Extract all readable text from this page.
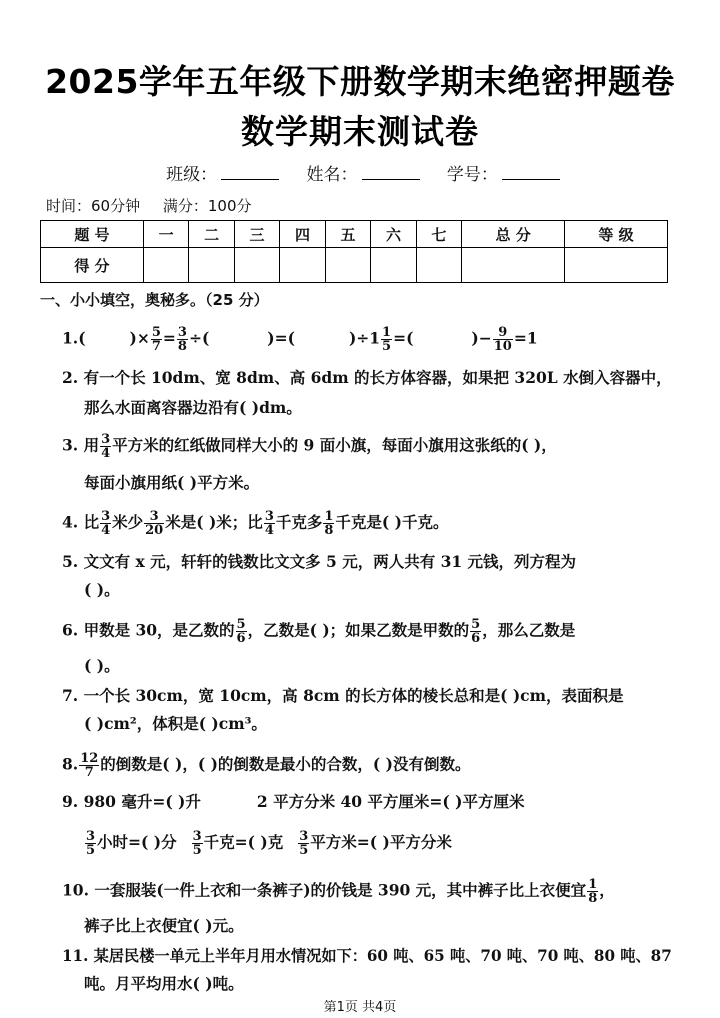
2025学年五年级下册数学期末绝密押题卷
数学期末测试卷
班级：	姓名：	学号：
时间：60分钟 满分：100分
题 号	一	二	三	四	五	六	七	总 分	等 级
得 分									
一、小小填空，奥秘多。（25 分）
1.(	)× $\frac{5}{7} = \frac{3}{8}$ ÷(	)=(	)$\div 1 \frac{1}{5}$ =(	)− $\frac{9}{10} =1$
2. 有一个长 10dm、宽 8dm、高 6dm 的长方体容器，如果把 320L 水倒入容器中，
那么水面离容器边沿有( )dm。
3. 用 $\frac{3}{4}$ 平方米的红纸做同样大小的 9 面小旗，每面小旗用这张纸的( )，
每面小旗用纸( )平方米。
4. 比 $\frac{3}{4}$ 米少 $\frac{3}{20}$ 米是( )米；比 $\frac{3}{4}$ 千克多 $\frac{1}{8}$ 千克是( )千克。
5. 文文有 x 元，轩轩的钱数比文文多 5 元，两人共有 31 元钱，列方程为
( )。
6. 甲数是 30，是乙数的 $\frac{5}{6}$ ，乙数是( )；如果乙数是甲数的 $\frac{5}{6}$ ，那么乙数是
( )。
7. 一个长 30cm，宽 10cm，高 8cm 的长方体的棱长总和是( )cm，表面积是
( )cm²，体积是( )cm³。
8. $\frac{12}{7}$ 的倒数是( )，( )的倒数是最小的合数，( )没有倒数。
9. 980 毫升=( )升	2 平方分米 40 平方厘米=( )平方厘米
$\frac{3}{5}$ 小时=( )分 $\frac{3}{5}$ 千克=( )克 $\frac{3}{5}$ 平方米=( )平方分米
10. 一套服装(一件上衣和一条裤子)的价钱是 390 元，其中裤子比上衣便宜 $\frac{1}{8}$ ，
裤子比上衣便宜( )元。
11. 某居民楼一单元上半年月用水情况如下：60 吨、65 吨、70 吨、70 吨、80 吨、87
吨。月平均用水( )吨。
第1页 共4页
